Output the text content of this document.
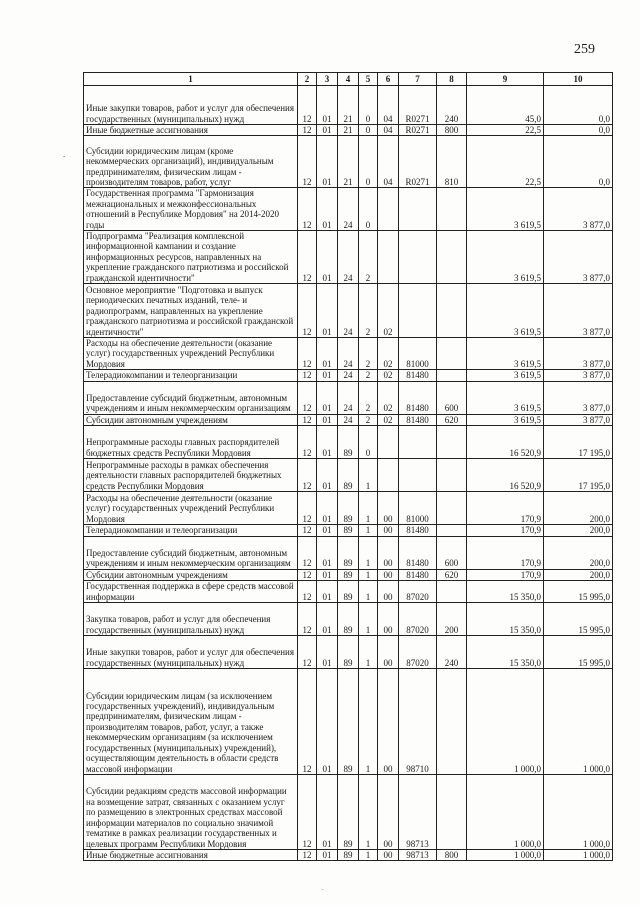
259
-
1	2	3	4	5	6	7	8	9	10
Иные закупки товаров, работ и услуг для обеспечения государственных (муниципальных) нужд	12	01	21	0	04	R0271	240	45,0	0,0
Иные бюджетные ассигнования	12	01	21	0	04	R0271	800	22,5	0,0
Субсидии юридическим лицам (кроме некоммерческих организаций), индивидуальным предпринимателям, физическим лицам - производителям товаров, работ, услуг	12	01	21	0	04	R0271	810	22,5	0,0
Государственная программа "Гармонизация межнациональных и межконфессиональных отношений в Республике Мордовия" на 2014-2020 годы	12	01	24	0				3 619,5	3 877,0
Подпрограмма "Реализация комплексной информационной кампании и создание информационных ресурсов, направленных на укрепление гражданского патриотизма и российской гражданской идентичности"	12	01	24	2				3 619,5	3 877,0
Основное мероприятие "Подготовка и выпуск периодических печатных изданий, теле- и радиопрограмм, направленных на укрепление гражданского патриотизма и российской гражданской идентичности"	12	01	24	2	02			3 619,5	3 877,0
Расходы на обеспечение деятельности (оказание услуг) государственных учреждений Республики Мордовия	12	01	24	2	02	81000		3 619,5	3 877,0
Телерадиокомпании и телеорганизации	12	01	24	2	02	81480		3 619,5	3 877,0
Предоставление субсидий бюджетным, автономным учреждениям и иным некоммерческим организациям	12	01	24	2	02	81480	600	3 619,5	3 877,0
Субсидии автономным учреждениям	12	01	24	2	02	81480	620	3 619,5	3 877,0
Непрограммные расходы главных распорядителей бюджетных средств Республики Мордовия	12	01	89	0				16 520,9	17 195,0
Непрограммные расходы в рамках обеспечения деятельности главных распорядителей бюджетных средств Республики Мордовия	12	01	89	1				16 520,9	17 195,0
Расходы на обеспечение деятельности (оказание услуг) государственных учреждений Республики Мордовия	12	01	89	1	00	81000		170,9	200,0
Телерадиокомпании и телеорганизации	12	01	89	1	00	81480		170,9	200,0
Предоставление субсидий бюджетным, автономным учреждениям и иным некоммерческим организациям	12	01	89	1	00	81480	600	170,9	200,0
Субсидии автономным учреждениям	12	01	89	1	00	81480	620	170,9	200,0
Государственная поддержка в сфере средств массовой информации	12	01	89	1	00	87020		15 350,0	15 995,0
Закупка товаров, работ и услуг для обеспечения государственных (муниципальных) нужд	12	01	89	1	00	87020	200	15 350,0	15 995,0
Иные закупки товаров, работ и услуг для обеспечения государственных (муниципальных) нужд	12	01	89	1	00	87020	240	15 350,0	15 995,0
Субсидии юридическим лицам (за исключением государственных учреждений), индивидуальным предпринимателям, физическим лицам - производителям товаров, работ, услуг, а также некоммерческим организациям (за исключением государственных (муниципальных) учреждений), осуществляющим деятельность в области средств массовой информации	12	01	89	1	00	98710		1 000,0	1 000,0
Субсидии редакциям средств массовой информации на возмещение затрат, связанных с оказанием услуг по размещению в электронных средствах массовой информации материалов по социально значимой тематике в рамках реализации государственных и целевых программ Республики Мордовия	12	01	89	1	00	98713		1 000,0	1 000,0
Иные бюджетные ассигнования	12	01	89	1	00	98713	800	1 000,0	1 000,0
.
